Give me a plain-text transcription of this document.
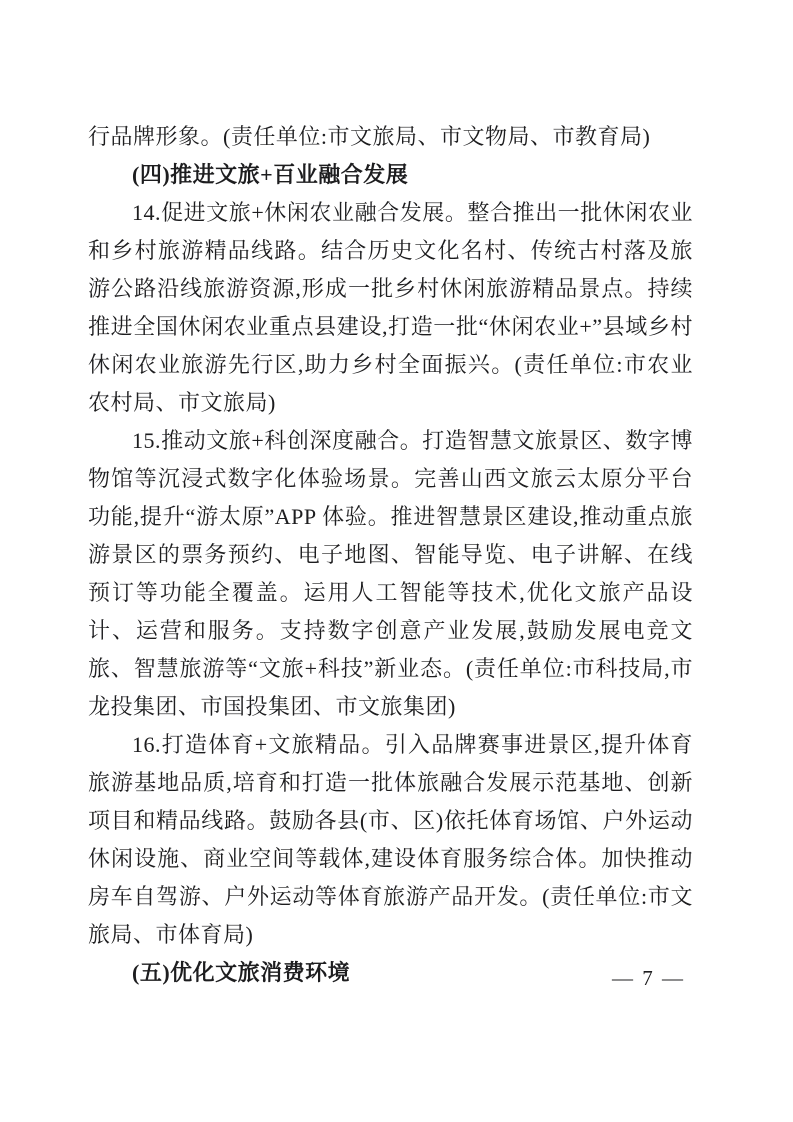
行品牌形象。(责任单位:市文旅局、市文物局、市教育局)

(四)推进文旅+百业融合发展

14.促进文旅+休闲农业融合发展。整合推出一批休闲农业和乡村旅游精品线路。结合历史文化名村、传统古村落及旅游公路沿线旅游资源,形成一批乡村休闲旅游精品景点。持续推进全国休闲农业重点县建设,打造一批“休闲农业+”县域乡村休闲农业旅游先行区,助力乡村全面振兴。(责任单位:市农业农村局、市文旅局)

15.推动文旅+科创深度融合。打造智慧文旅景区、数字博物馆等沉浸式数字化体验场景。完善山西文旅云太原分平台功能,提升“游太原”APP 体验。推进智慧景区建设,推动重点旅游景区的票务预约、电子地图、智能导览、电子讲解、在线预订等功能全覆盖。运用人工智能等技术,优化文旅产品设计、运营和服务。支持数字创意产业发展,鼓励发展电竞文旅、智慧旅游等“文旅+科技”新业态。(责任单位:市科技局,市龙投集团、市国投集团、市文旅集团)

16.打造体育+文旅精品。引入品牌赛事进景区,提升体育旅游基地品质,培育和打造一批体旅融合发展示范基地、创新项目和精品线路。鼓励各县(市、区)依托体育场馆、户外运动休闲设施、商业空间等载体,建设体育服务综合体。加快推动房车自驾游、户外运动等体育旅游产品开发。(责任单位:市文旅局、市体育局)

(五)优化文旅消费环境	— 7 —
